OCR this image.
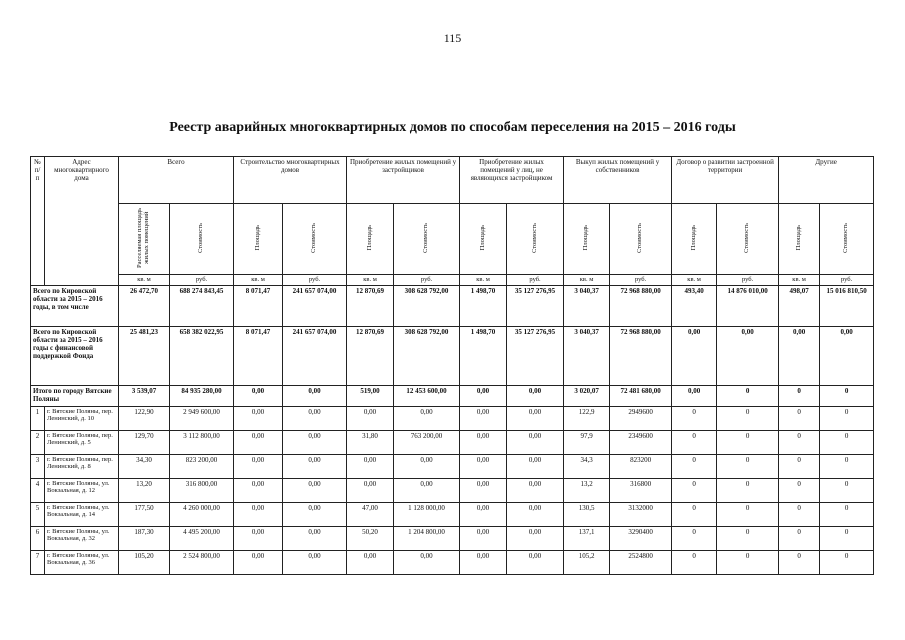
115
Реестр аварийных многоквартирных домов по способам переселения на 2015 – 2016 годы
№ п/п	Адрес многоквартирного дома	Всего		Строительство многоквартирных домов		Приобретение жилых помещений у застройщиков		Приобретение жилых помещений у лиц, не являющихся застройщиком		Выкуп жилых помещений у собственников		Договор о развитии застроенной территории		Другие	
		Расселяемая площадь жилых помещений	Стоимость	Площадь	Стоимость	Площадь	Стоимость	Площадь	Стоимость	Площадь	Стоимость	Площадь	Стоимость	Площадь	Стоимость
		кв. м	руб.	кв. м	руб.	кв. м	руб.	кв. м	руб.	кв. м	руб.	кв. м	руб.	кв. м	руб.
Всего по Кировской области за 2015 – 2016 годы, в том числе		26 472,70	688 274 843,45	8 071,47	241 657 074,00	12 870,69	308 628 792,00	1 498,70	35 127 276,95	3 040,37	72 968 880,00	493,40	14 876 010,00	498,07	15 016 810,50
Всего по Кировской области за 2015 – 2016 годы с финансовой поддержкой Фонда		25 481,23	658 382 022,95	8 071,47	241 657 074,00	12 870,69	308 628 792,00	1 498,70	35 127 276,95	3 040,37	72 968 880,00	0,00	0,00	0,00	0,00
Итого по городу Вятские Поляны		3 539,07	84 935 280,00	0,00	0,00	519,00	12 453 600,00	0,00	0,00	3 020,07	72 481 680,00	0,00	0	0	0
1	г. Вятские Поляны, пер. Ленинский, д. 10	122,90	2 949 600,00	0,00	0,00	0,00	0,00	0,00	0,00	122,9	2949600	0	0	0	0
2	г. Вятские Поляны, пер. Ленинский, д. 5	129,70	3 112 800,00	0,00	0,00	31,80	763 200,00	0,00	0,00	97,9	2349600	0	0	0	0
3	г. Вятские Поляны, пер. Ленинский, д. 8	34,30	823 200,00	0,00	0,00	0,00	0,00	0,00	0,00	34,3	823200	0	0	0	0
4	г. Вятские Поляны, ул. Вокзальная, д. 12	13,20	316 800,00	0,00	0,00	0,00	0,00	0,00	0,00	13,2	316800	0	0	0	0
5	г. Вятские Поляны, ул. Вокзальная, д. 14	177,50	4 260 000,00	0,00	0,00	47,00	1 128 000,00	0,00	0,00	130,5	3132000	0	0	0	0
6	г. Вятские Поляны, ул. Вокзальная, д. 32	187,30	4 495 200,00	0,00	0,00	50,20	1 204 800,00	0,00	0,00	137,1	3290400	0	0	0	0
7	г. Вятские Поляны, ул. Вокзальная, д. 36	105,20	2 524 800,00	0,00	0,00	0,00	0,00	0,00	0,00	105,2	2524800	0	0	0	0
